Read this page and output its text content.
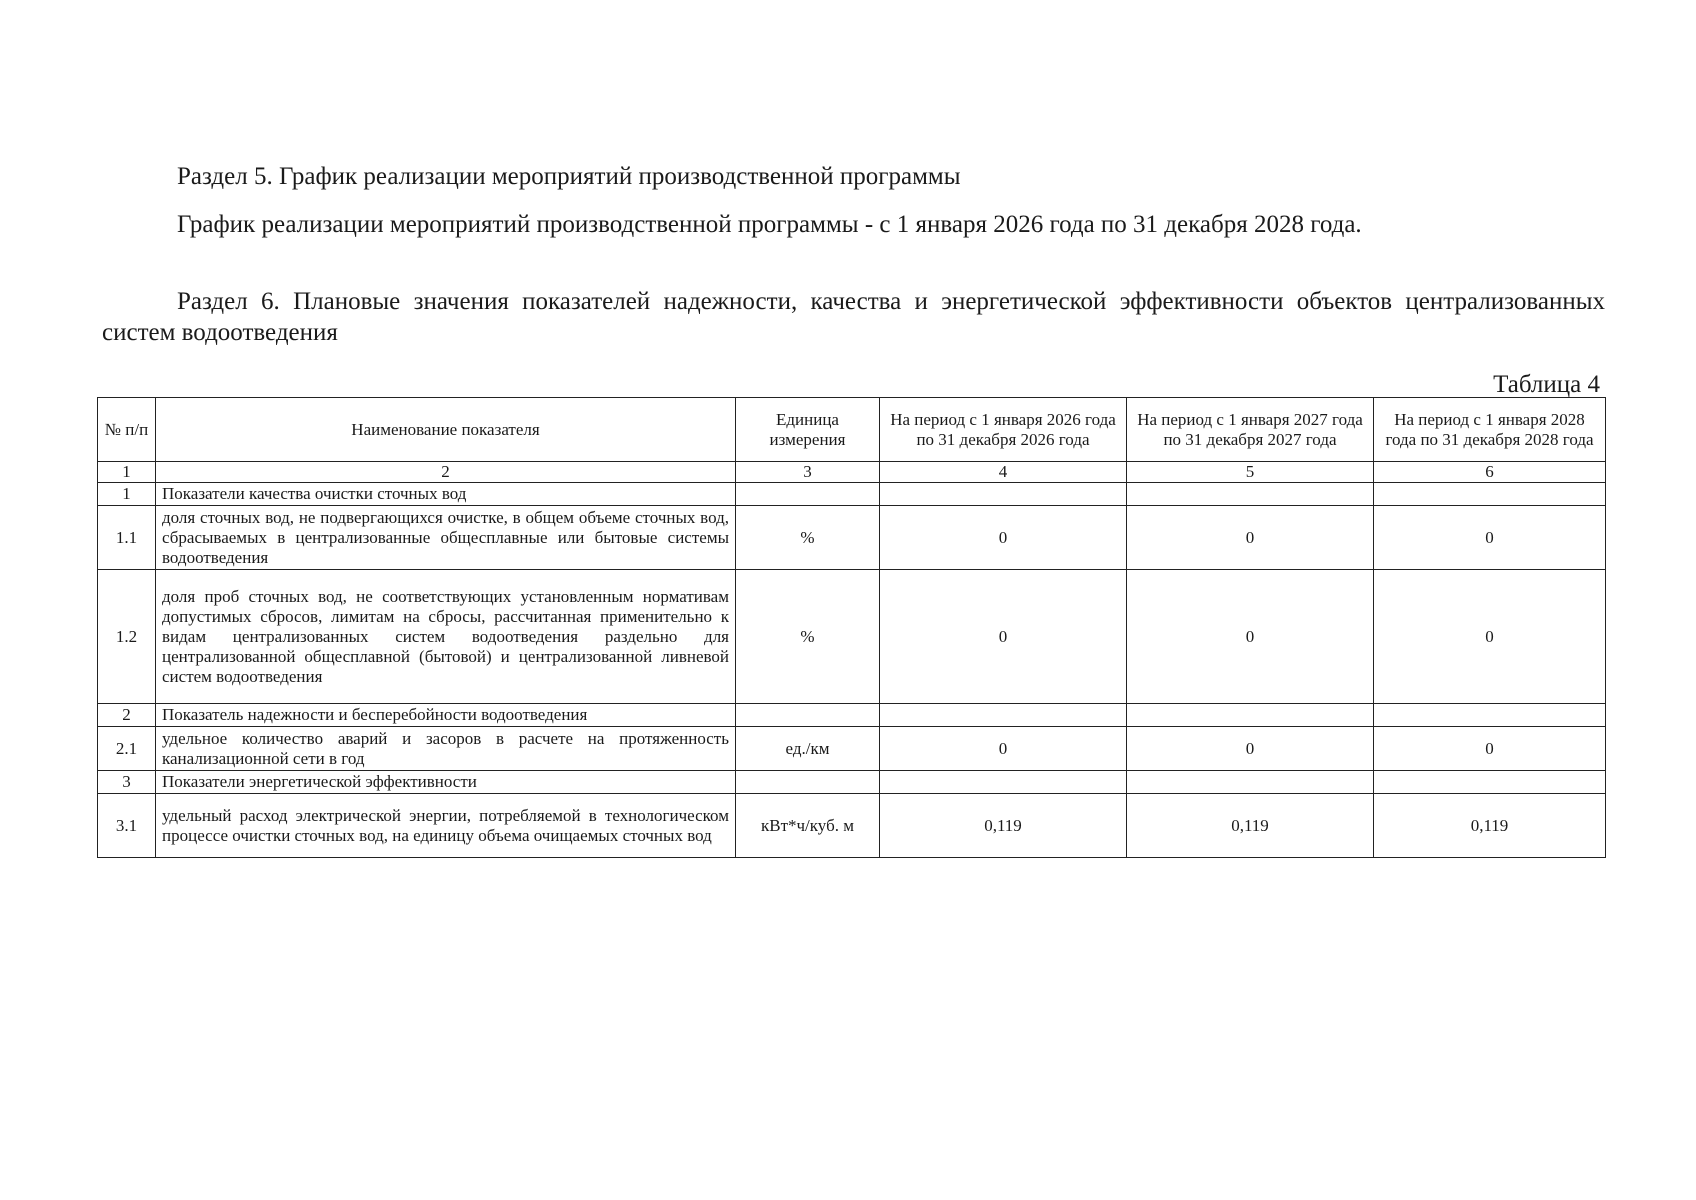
Раздел 5. График реализации мероприятий производственной программы
График реализации мероприятий производственной программы - с 1 января 2026 года по 31 декабря 2028 года.
Раздел 6. Плановые значения показателей надежности, качества и энергетической эффективности объектов централизованных систем водоотведения
Таблица 4
№ п/п	Наименование показателя	Единица измерения	На период с 1 января 2026 года по 31 декабря 2026 года	На период с 1 января 2027 года по 31 декабря 2027 года	На период с 1 января 2028 года по 31 декабря 2028 года
1	2	3	4	5	6
1	Показатели качества очистки сточных вод				
1.1	доля сточных вод, не подвергающихся очистке, в общем объеме сточных вод, сбрасываемых в централизованные общесплавные или бытовые системы водоотведения	%	0	0	0
1.2	доля проб сточных вод, не соответствующих установленным нормативам допустимых сбросов, лимитам на сбросы, рассчитанная применительно к видам централизованных систем водоотведения раздельно для централизованной общесплавной (бытовой) и централизованной ливневой систем водоотведения	%	0	0	0
2	Показатель надежности и бесперебойности водоотведения				
2.1	удельное количество аварий и засоров в расчете на протяженность канализационной сети в год	ед./км	0	0	0
3	Показатели энергетической эффективности				
3.1	удельный расход электрической энергии, потребляемой в технологическом процессе очистки сточных вод, на единицу объема очищаемых сточных вод	кВт*ч/куб. м	0,119	0,119	0,119
